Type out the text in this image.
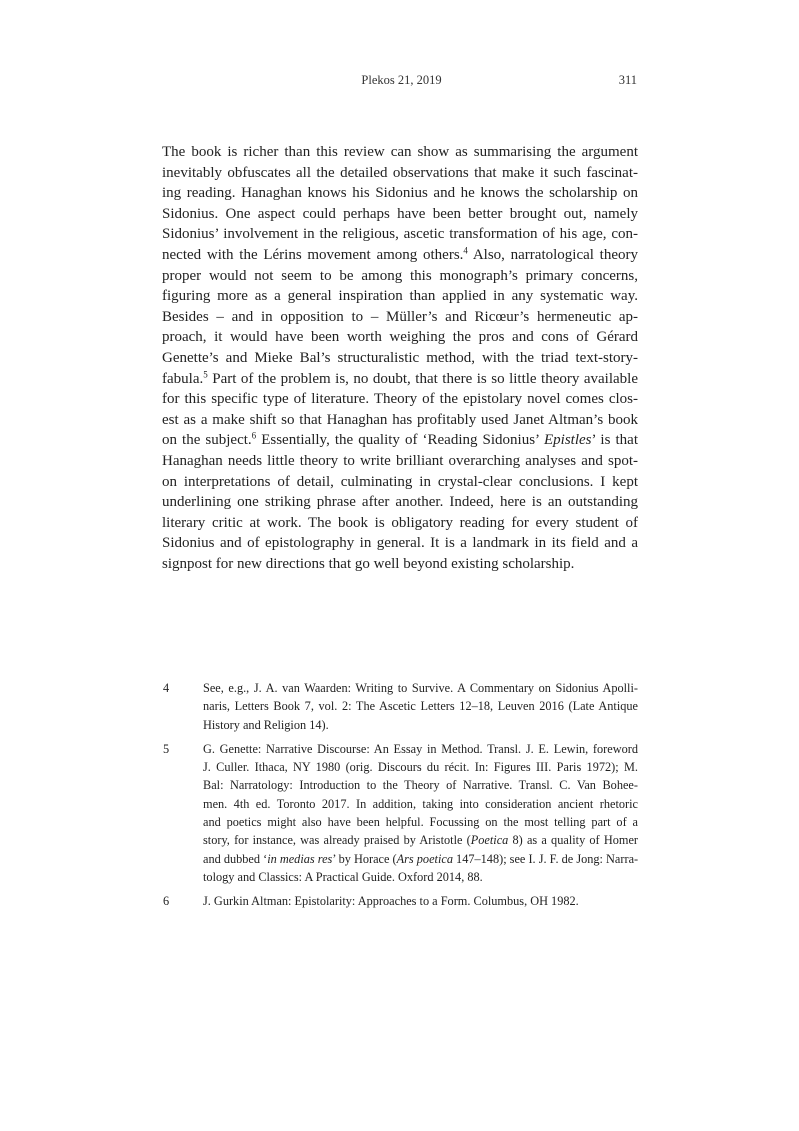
Plekos 21, 2019	311
The book is richer than this review can show as summarising the argument
inevitably obfuscates all the detailed observations that make it such fascinat-
ing reading. Hanaghan knows his Sidonius and he knows the scholarship on
Sidonius. One aspect could perhaps have been better brought out, namely
Sidonius’ involvement in the religious, ascetic transformation of his age, con-
nected with the Lérins movement among others.$^4$ Also, narratological theory
proper would not seem to be among this monograph’s primary concerns,
figuring more as a general inspiration than applied in any systematic way.
Besides – and in opposition to – Müller’s and Ricœur’s hermeneutic ap-
proach, it would have been worth weighing the pros and cons of Gérard
Genette’s and Mieke Bal’s structuralistic method, with the triad text-story-
fabula.$^5$ Part of the problem is, no doubt, that there is so little theory available
for this specific type of literature. Theory of the epistolary novel comes clos-
est as a make shift so that Hanaghan has profitably used Janet Altman’s book
on the subject.$^6$ Essentially, the quality of ‘Reading Sidonius’ Epistles’ is that
Hanaghan needs little theory to write brilliant overarching analyses and spot-
on interpretations of detail, culminating in crystal-clear conclusions. I kept
underlining one striking phrase after another. Indeed, here is an outstanding
literary critic at work. The book is obligatory reading for every student of
Sidonius and of epistolography in general. It is a landmark in its field and a
signpost for new directions that go well beyond existing scholarship.
4	See, e.g., J. A. van Waarden: Writing to Survive. A Commentary on Sidonius Apolli-
naris, Letters Book 7, vol. 2: The Ascetic Letters 12–18, Leuven 2016 (Late Antique
History and Religion 14).
5	G. Genette: Narrative Discourse: An Essay in Method. Transl. J. E. Lewin, foreword
J. Culler. Ithaca, NY 1980 (orig. Discours du récit. In: Figures III. Paris 1972); M.
Bal: Narratology: Introduction to the Theory of Narrative. Transl. C. Van Bohee-
men. 4th ed. Toronto 2017. In addition, taking into consideration ancient rhetoric
and poetics might also have been helpful. Focussing on the most telling part of a
story, for instance, was already praised by Aristotle (Poetica 8) as a quality of Homer
and dubbed ‘in medias res’ by Horace (Ars poetica 147–148); see I. J. F. de Jong: Narra-
tology and Classics: A Practical Guide. Oxford 2014, 88.
6	J. Gurkin Altman: Epistolarity: Approaches to a Form. Columbus, OH 1982.
